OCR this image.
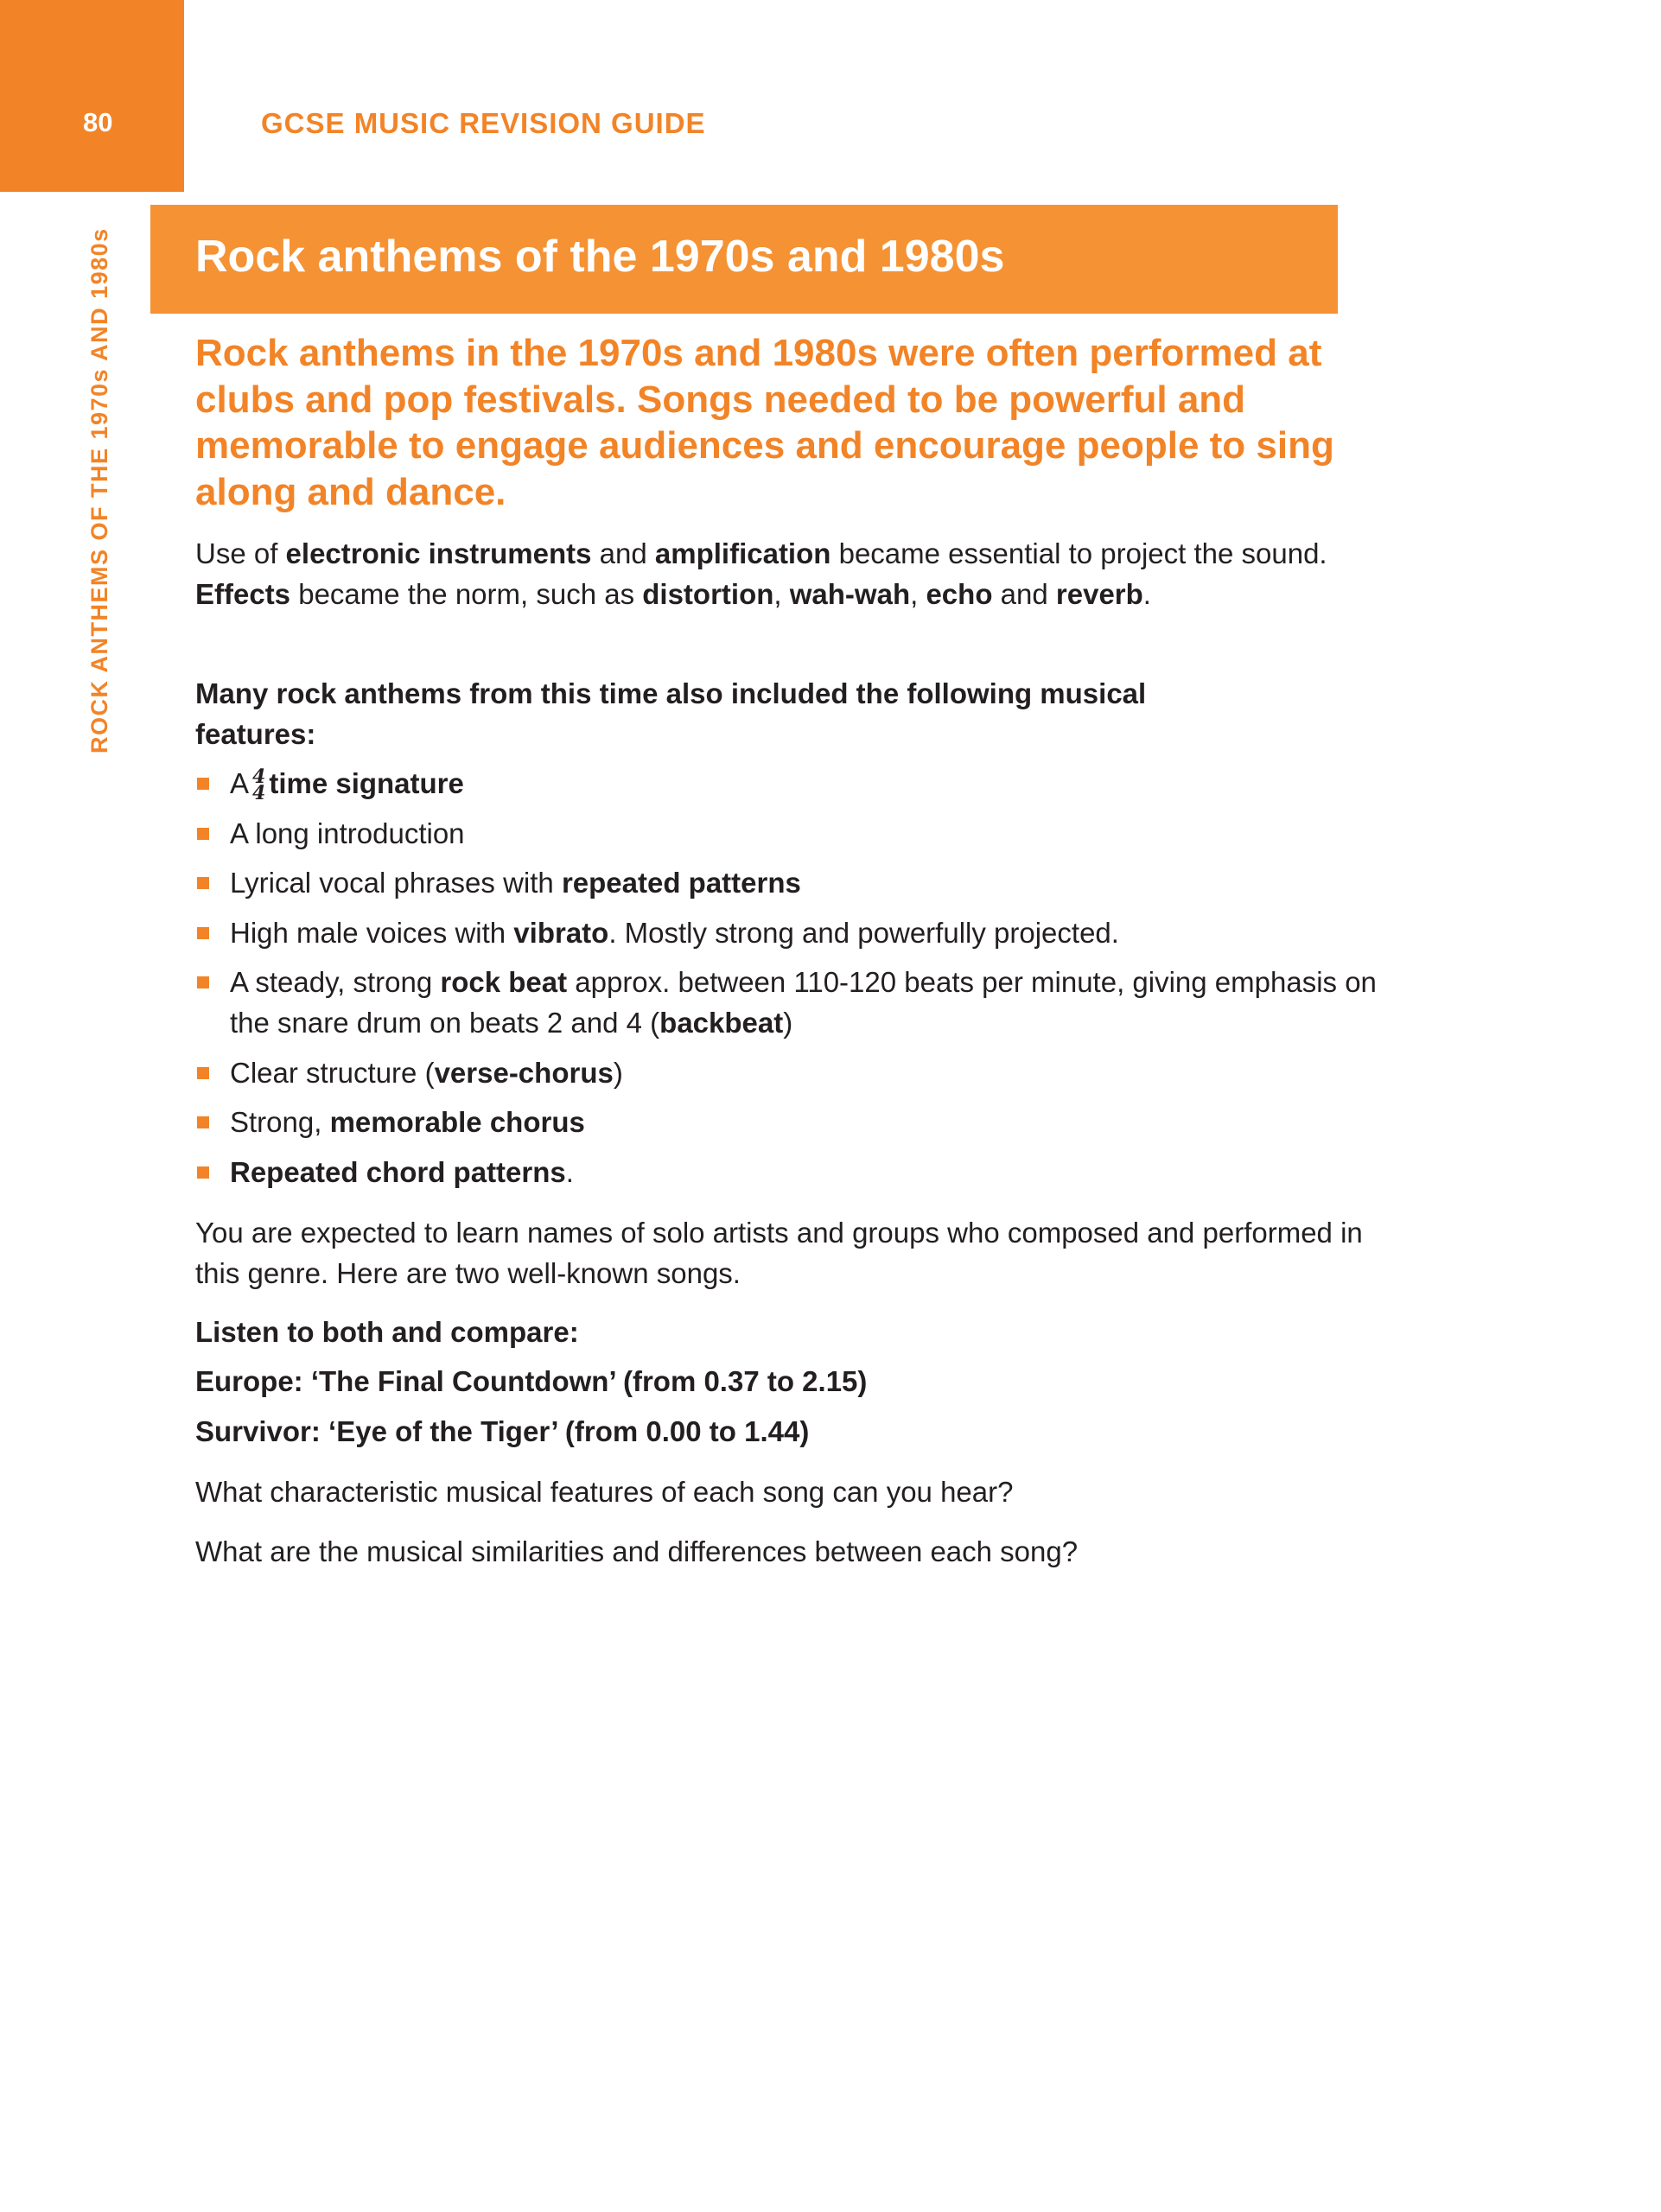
80	GCSE MUSIC REVISION GUIDE
ROCK ANTHEMS OF THE 1970s AND 1980s Rock anthems of the 1970s and 1980s
Rock anthems in the 1970s and 1980s were often performed at clubs and pop festivals. Songs needed to be powerful and memorable to engage audiences and encourage people to sing along and dance.
Use of electronic instruments and amplification became essential to project the sound. Effects became the norm, such as distortion, wah-wah, echo and reverb.
Many rock anthems from this time also included the following musical features:
A 4
4 time signature
A long introduction
Lyrical vocal phrases with repeated patterns
High male voices with vibrato. Mostly strong and powerfully projected.
A steady, strong rock beat approx. between 110-120 beats per minute, giving emphasis on the snare drum on beats 2 and 4 (backbeat)
Clear structure (verse-chorus)
Strong, memorable chorus
Repeated chord patterns.
You are expected to learn names of solo artists and groups who composed and performed in this genre. Here are two well-known songs.
Listen to both and compare:
Europe: ‘The Final Countdown’ (from 0.37 to 2.15)
Survivor: ‘Eye of the Tiger’ (from 0.00 to 1.44)
What characteristic musical features of each song can you hear?
What are the musical similarities and differences between each song?
